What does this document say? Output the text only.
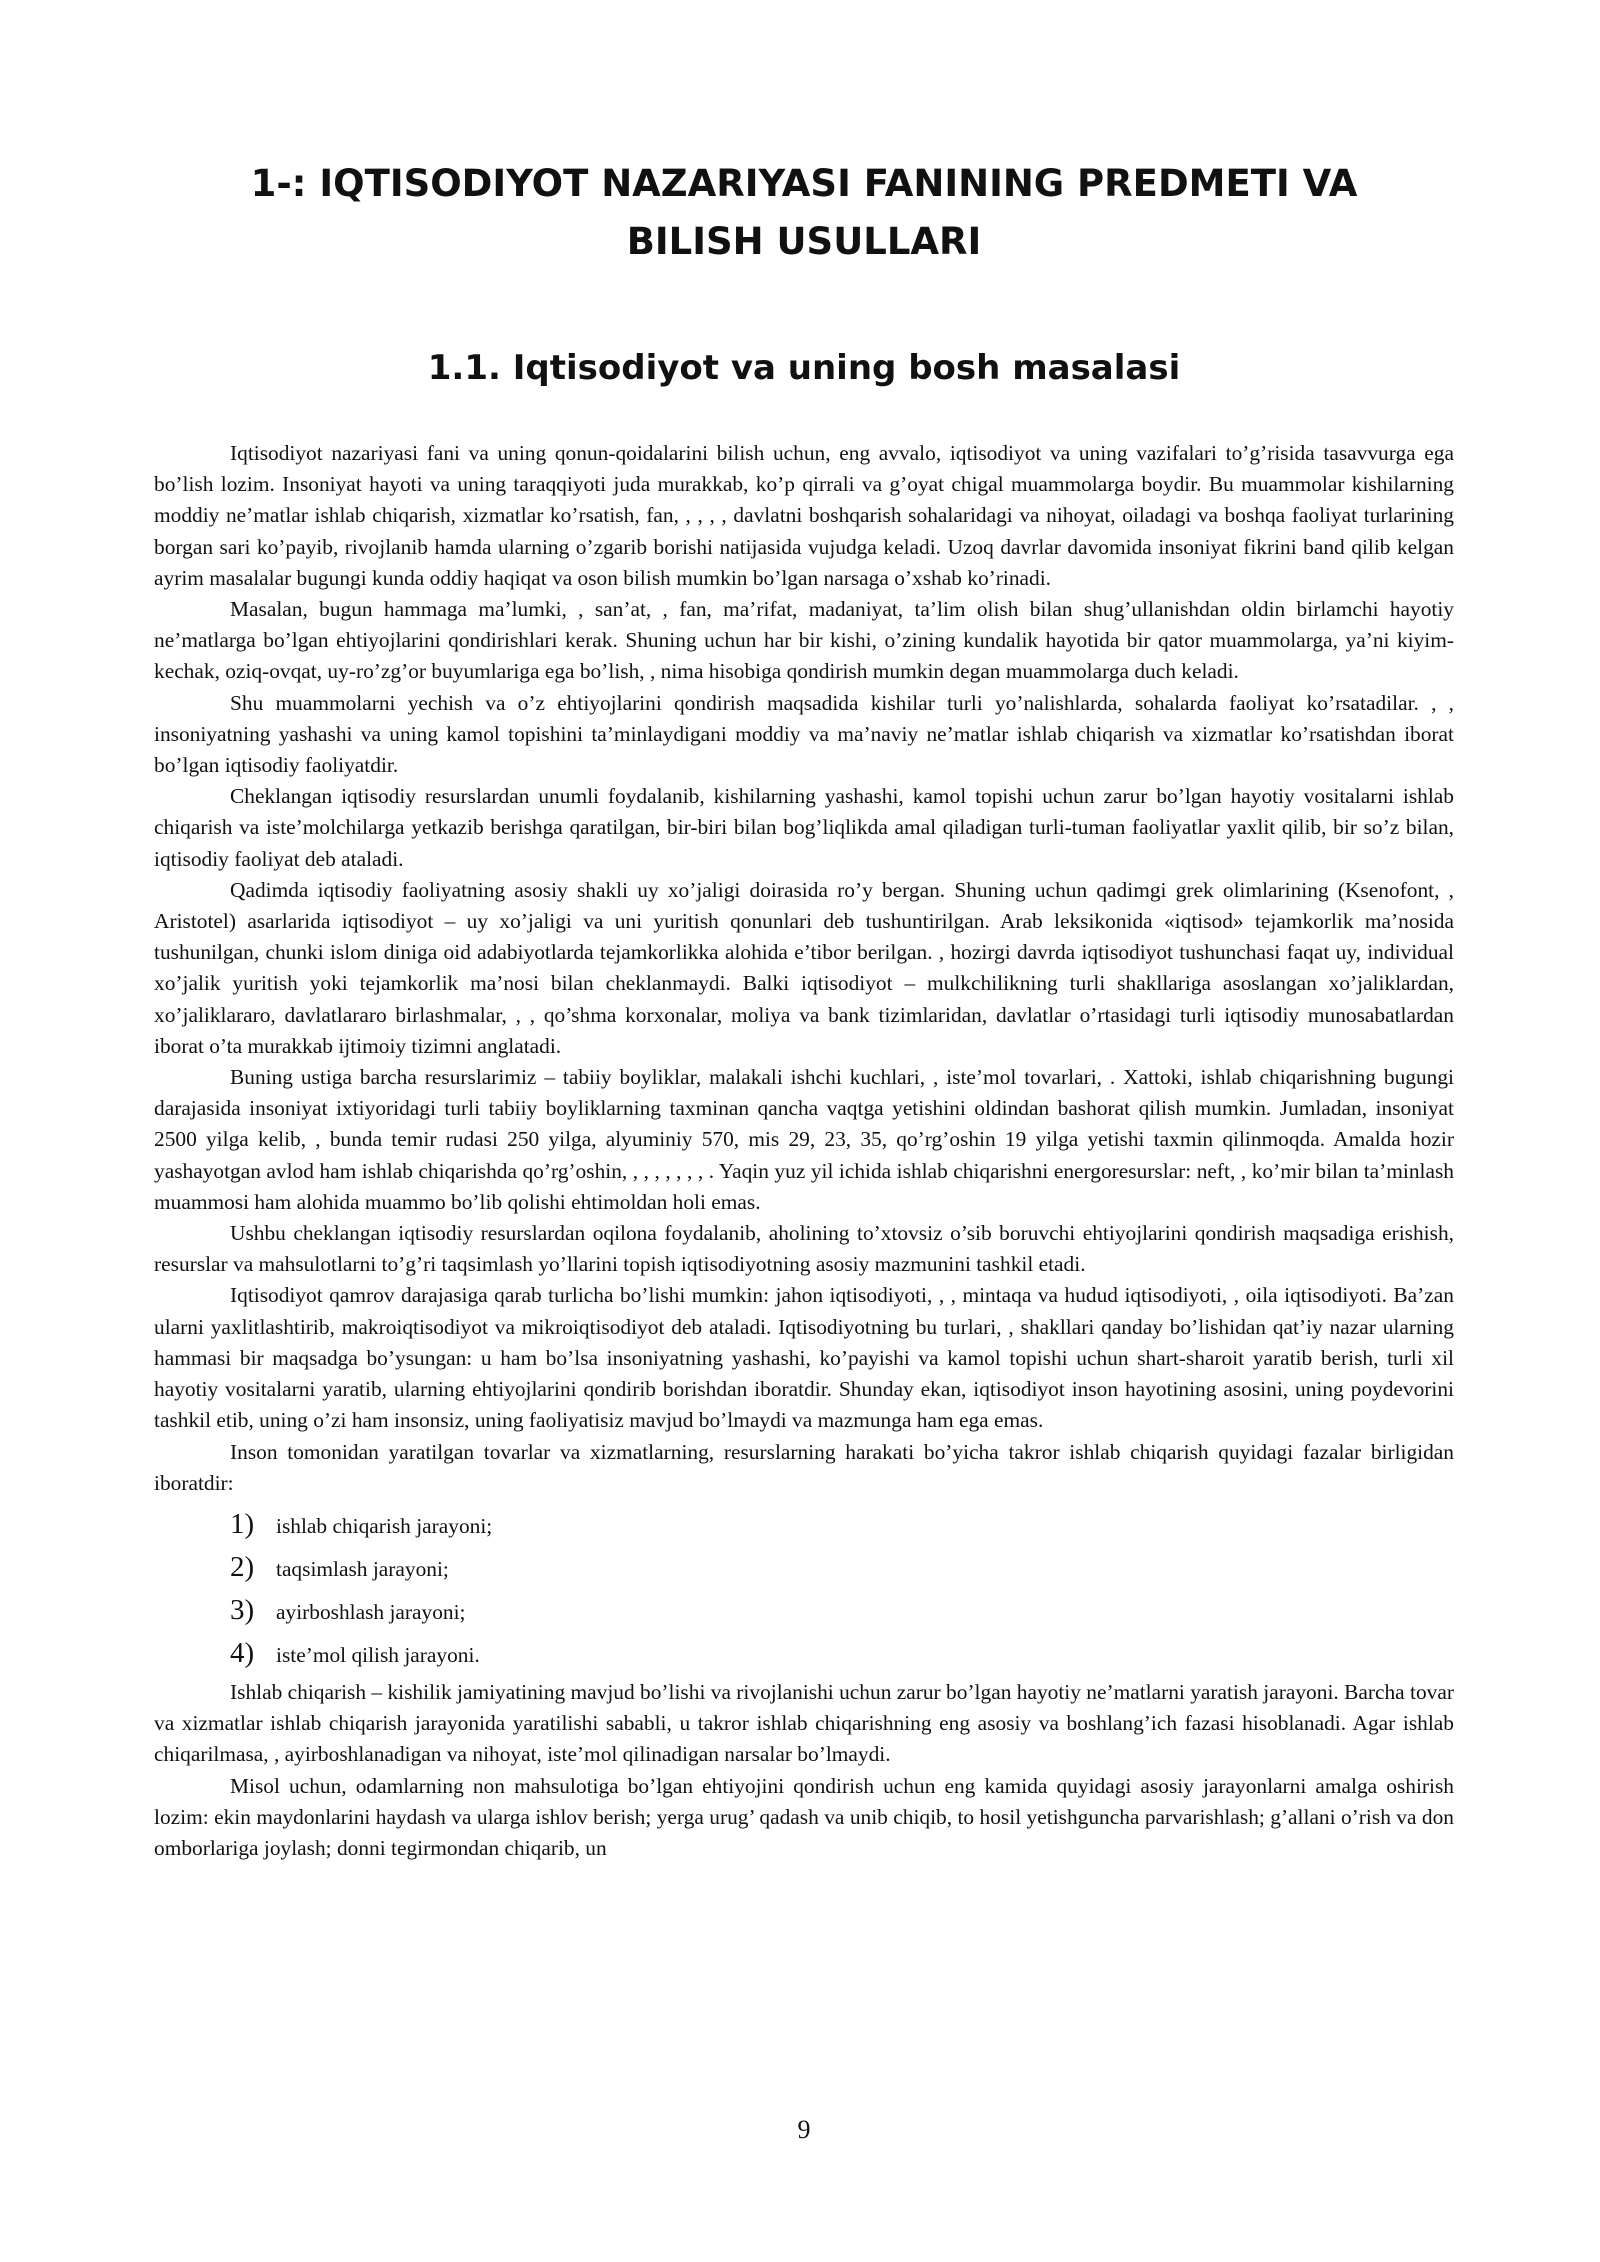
1-: IQTISODIYOT NAZARIYASI FANINING PREDMETI VA
BILISH USULLARI
1.1. Iqtisodiyot va uning bosh masalasi

Iqtisodiyot nazariyasi fani va uning qonun-qoidalarini bilish uchun, eng avvalo, iqtisodiyot va uning vazifalari to’g’risida tasavvurga ega bo’lish lozim. Insoniyat hayoti va uning taraqqiyoti juda murakkab, ko’p qirrali va g’oyat chigal muammolarga boydir. Bu muammolar kishilarning moddiy ne’matlar ishlab chiqarish, xizmatlar ko’rsatish, fan, , , , , davlatni boshqarish sohalaridagi va nihoyat, oiladagi va boshqa faoliyat turlarining borgan sari ko’payib, rivojlanib hamda ularning o’zgarib borishi natijasida vujudga keladi. Uzoq davrlar davomida insoniyat fikrini band qilib kelgan ayrim masalalar bugungi kunda oddiy haqiqat va oson bilish mumkin bo’lgan narsaga o’xshab ko’rinadi.

Masalan, bugun hammaga ma’lumki, , san’at, , fan, ma’rifat, madaniyat, ta’lim olish bilan shug’ullanishdan oldin birlamchi hayotiy ne’matlarga bo’lgan ehtiyojlarini qondirishlari kerak. Shuning uchun har bir kishi, o’zining kundalik hayotida bir qator muammolarga, ya’ni kiyim-kechak, oziq-ovqat, uy-ro’zg’or buyumlariga ega bo’lish, , nima hisobiga qondirish mumkin degan muammolarga duch keladi.

Shu muammolarni yechish va o’z ehtiyojlarini qondirish maqsadida kishilar turli yo’nalishlarda, sohalarda faoliyat ko’rsatadilar. , , insoniyatning yashashi va uning kamol topishini ta’minlaydigani moddiy va ma’naviy ne’matlar ishlab chiqarish va xizmatlar ko’rsatishdan iborat bo’lgan iqtisodiy faoliyatdir.

Cheklangan iqtisodiy resurslardan unumli foydalanib, kishilarning yashashi, kamol topishi uchun zarur bo’lgan hayotiy vositalarni ishlab chiqarish va iste’molchilarga yetkazib berishga qaratilgan, bir-biri bilan bog’liqlikda amal qiladigan turli-tuman faoliyatlar yaxlit qilib, bir so’z bilan, iqtisodiy faoliyat deb ataladi.

Qadimda iqtisodiy faoliyatning asosiy shakli uy xo’jaligi doirasida ro’y bergan. Shuning uchun qadimgi grek olimlarining (Ksenofont, , Aristotel) asarlarida iqtisodiyot – uy xo’jaligi va uni yuritish qonunlari deb tushuntirilgan. Arab leksikonida «iqtisod» tejamkorlik ma’nosida tushunilgan, chunki islom diniga oid adabiyotlarda tejamkorlikka alohida e’tibor berilgan. , hozirgi davrda iqtisodiyot tushunchasi faqat uy, individual xo’jalik yuritish yoki tejamkorlik ma’nosi bilan cheklanmaydi. Balki iqtisodiyot – mulkchilikning turli shakllariga asoslangan xo’jaliklardan, xo’jaliklararo, davlatlararo birlashmalar, , , qo’shma korxonalar, moliya va bank tizimlaridan, davlatlar o’rtasidagi turli iqtisodiy munosabatlardan iborat o’ta murakkab ijtimoiy tizimni anglatadi.

Buning ustiga barcha resurslarimiz – tabiiy boyliklar, malakali ishchi kuchlari, , iste’mol tovarlari, . Xattoki, ishlab chiqarishning bugungi darajasida insoniyat ixtiyoridagi turli tabiiy boyliklarning taxminan qancha vaqtga yetishini oldindan bashorat qilish mumkin. Jumladan, insoniyat 2500 yilga kelib, , bunda temir rudasi 250 yilga, alyuminiy 570, mis 29, 23, 35, qo’rg’oshin 19 yilga yetishi taxmin qilinmoqda. Amalda hozir yashayotgan avlod ham ishlab chiqarishda qo’rg’oshin, , , , , , , , . Yaqin yuz yil ichida ishlab chiqarishni energoresurslar: neft, , ko’mir bilan ta’minlash muammosi ham alohida muammo bo’lib qolishi ehtimoldan holi emas.

Ushbu cheklangan iqtisodiy resurslardan oqilona foydalanib, aholining to’xtovsiz o’sib boruvchi ehtiyojlarini qondirish maqsadiga erishish, resurslar va mahsulotlarni to’g’ri taqsimlash yo’llarini topish iqtisodiyotning asosiy mazmunini tashkil etadi.

Iqtisodiyot qamrov darajasiga qarab turlicha bo’lishi mumkin: jahon iqtisodiyoti, , , mintaqa va hudud iqtisodiyoti, , oila iqtisodiyoti. Ba’zan ularni yaxlitlashtirib, makroiqtisodiyot va mikroiqtisodiyot deb ataladi. Iqtisodiyotning bu turlari, , shakllari qanday bo’lishidan qat’iy nazar ularning hammasi bir maqsadga bo’ysungan: u ham bo’lsa insoniyatning yashashi, ko’payishi va kamol topishi uchun shart-sharoit yaratib berish, turli xil hayotiy vositalarni yaratib, ularning ehtiyojlarini qondirib borishdan iboratdir. Shunday ekan, iqtisodiyot inson hayotining asosini, uning poydevorini tashkil etib, uning o’zi ham insonsiz, uning faoliyatisiz mavjud bo’lmaydi va mazmunga ham ega emas.

Inson tomonidan yaratilgan tovarlar va xizmatlarning, resurslarning harakati bo’yicha takror ishlab chiqarish quyidagi fazalar birligidan iboratdir:

1) ishlab chiqarish jarayoni;
2) taqsimlash jarayoni;
3) ayirboshlash jarayoni;
4) iste’mol qilish jarayoni.

Ishlab chiqarish – kishilik jamiyatining mavjud bo’lishi va rivojlanishi uchun zarur bo’lgan hayotiy ne’matlarni yaratish jarayoni. Barcha tovar va xizmatlar ishlab chiqarish jarayonida yaratilishi sababli, u takror ishlab chiqarishning eng asosiy va boshlang’ich fazasi hisoblanadi. Agar ishlab chiqarilmasa, , ayirboshlanadigan va nihoyat, iste’mol qilinadigan narsalar bo’lmaydi.

Misol uchun, odamlarning non mahsulotiga bo’lgan ehtiyojini qondirish uchun eng kamida quyidagi asosiy jarayonlarni amalga oshirish lozim: ekin maydonlarini haydash va ularga ishlov berish; yerga urug’ qadash va unib chiqib, to hosil yetishguncha parvarishlash; g’allani o’rish va don omborlariga joylash; donni tegirmondan chiqarib, un

9
